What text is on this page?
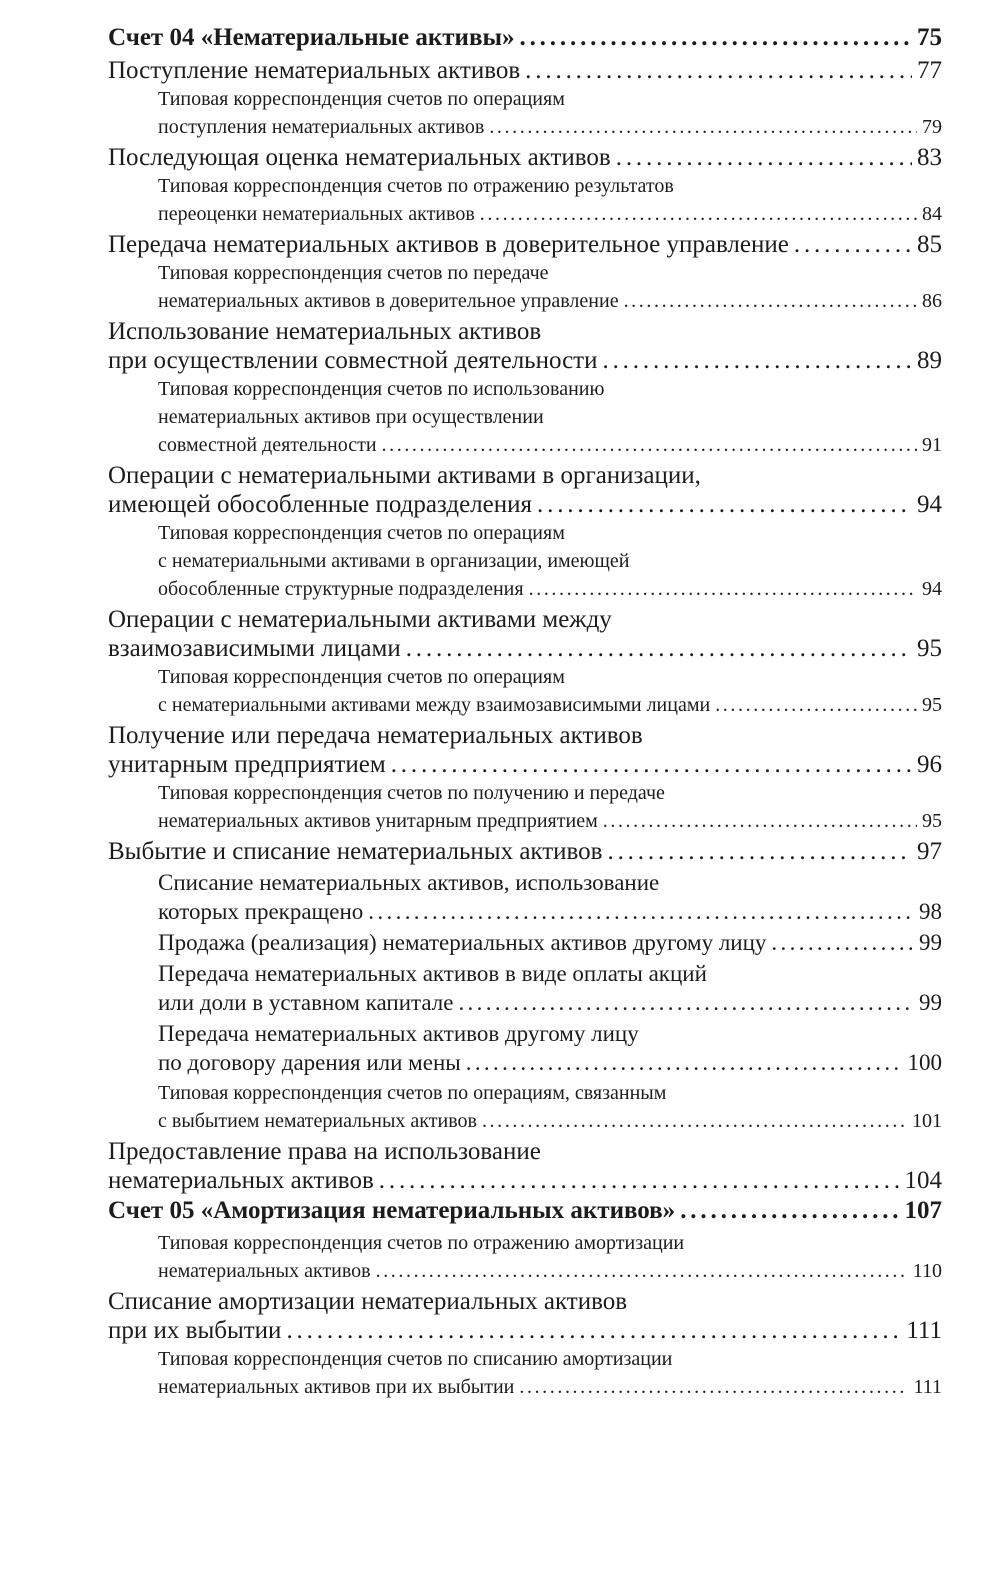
Счет 04 «Нематериальные активы» . . .	75
Поступление нематериальных активов . . .	77
Типовая корреспонденция счетов по операциям
поступления нематериальных активов . . .	79
Последующая оценка нематериальных активов . . .	83
Типовая корреспонденция счетов по отражению результатов
переоценки нематериальных активов . . .	84
Передача нематериальных активов в доверительное управление . . .	85
Типовая корреспонденция счетов по передаче
нематериальных активов в доверительное управление . . .	86
Использование нематериальных активов
при осуществлении совместной деятельности . . .	89
Типовая корреспонденция счетов по использованию
нематериальных активов при осуществлении
совместной деятельности . . .	91
Операции с нематериальными активами в организации,
имеющей обособленные подразделения . . .	94
Типовая корреспонденция счетов по операциям
с нематериальными активами в организации, имеющей
обособленные структурные подразделения . . .	94
Операции с нематериальными активами между
взаимозависимыми лицами . . .	95
Типовая корреспонденция счетов по операциям
с нематериальными активами между взаимозависимыми лицами . . .	95
Получение или передача нематериальных активов
унитарным предприятием . . .	96
Типовая корреспонденция счетов по получению и передаче
нематериальных активов унитарным предприятием . . .	95
Выбытие и списание нематериальных активов . . .	97
Списание нематериальных активов, использование
которых прекращено . . .	98
Продажа (реализация) нематериальных активов другому лицу . . .	99
Передача нематериальных активов в виде оплаты акций
или доли в уставном капитале . . .	99
Передача нематериальных активов другому лицу
по договору дарения или мены . . .	100
Типовая корреспонденция счетов по операциям, связанным
с выбытием нематериальных активов . . .	101
Предоставление права на использование
нематериальных активов . . .	104
Счет 05 «Амортизация нематериальных активов» . . .	107
Типовая корреспонденция счетов по отражению амортизации
нематериальных активов . . .	110
Списание амортизации нематериальных активов
при их выбытии . . .	111
Типовая корреспонденция счетов по списанию амортизации
нематериальных активов при их выбытии . . .	111
